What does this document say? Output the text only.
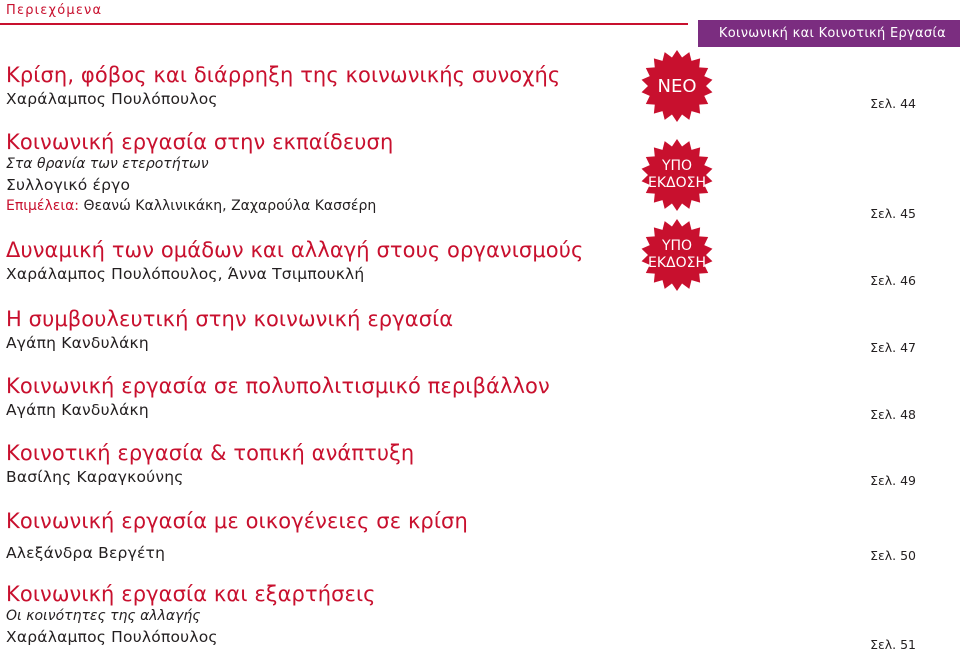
Περιεχόμενα
Κοινωνική και Κοινοτική Εργασία
ΝΕΟ
ΥΠΟ
ΕΚΔΟΣΗ
ΥΠΟ
ΕΚΔΟΣΗ
Κρίση, φόβος και διάρρηξη της κοινωνικής συνοχής
Χαράλαμπος Πουλόπουλος	Σελ. 44
Κοινωνική εργασία στην εκπαίδευση
Στα θρανία των ετεροτήτων
Συλλογικό έργο
Επιμέλεια: Θεανώ Καλλινικάκη, Ζαχαρούλα Κασσέρη	Σελ. 45
Δυναμική των ομάδων και αλλαγή στους οργανισμούς
Χαράλαμπος Πουλόπουλος, Άννα Τσιμπουκλή	Σελ. 46
Η συμβουλευτική στην κοινωνική εργασία
Αγάπη Κανδυλάκη	Σελ. 47
Κοινωνική εργασία σε πολυπολιτισμικό περιβάλλον
Αγάπη Κανδυλάκη	Σελ. 48
Κοινοτική εργασία & τοπική ανάπτυξη
Βασίλης Καραγκούνης	Σελ. 49
Κοινωνική εργασία με οικογένειες σε κρίση
Αλεξάνδρα Βεργέτη	Σελ. 50
Κοινωνική εργασία και εξαρτήσεις
Οι κοινότητες της αλλαγής
Χαράλαμπος Πουλόπουλος	Σελ. 51
